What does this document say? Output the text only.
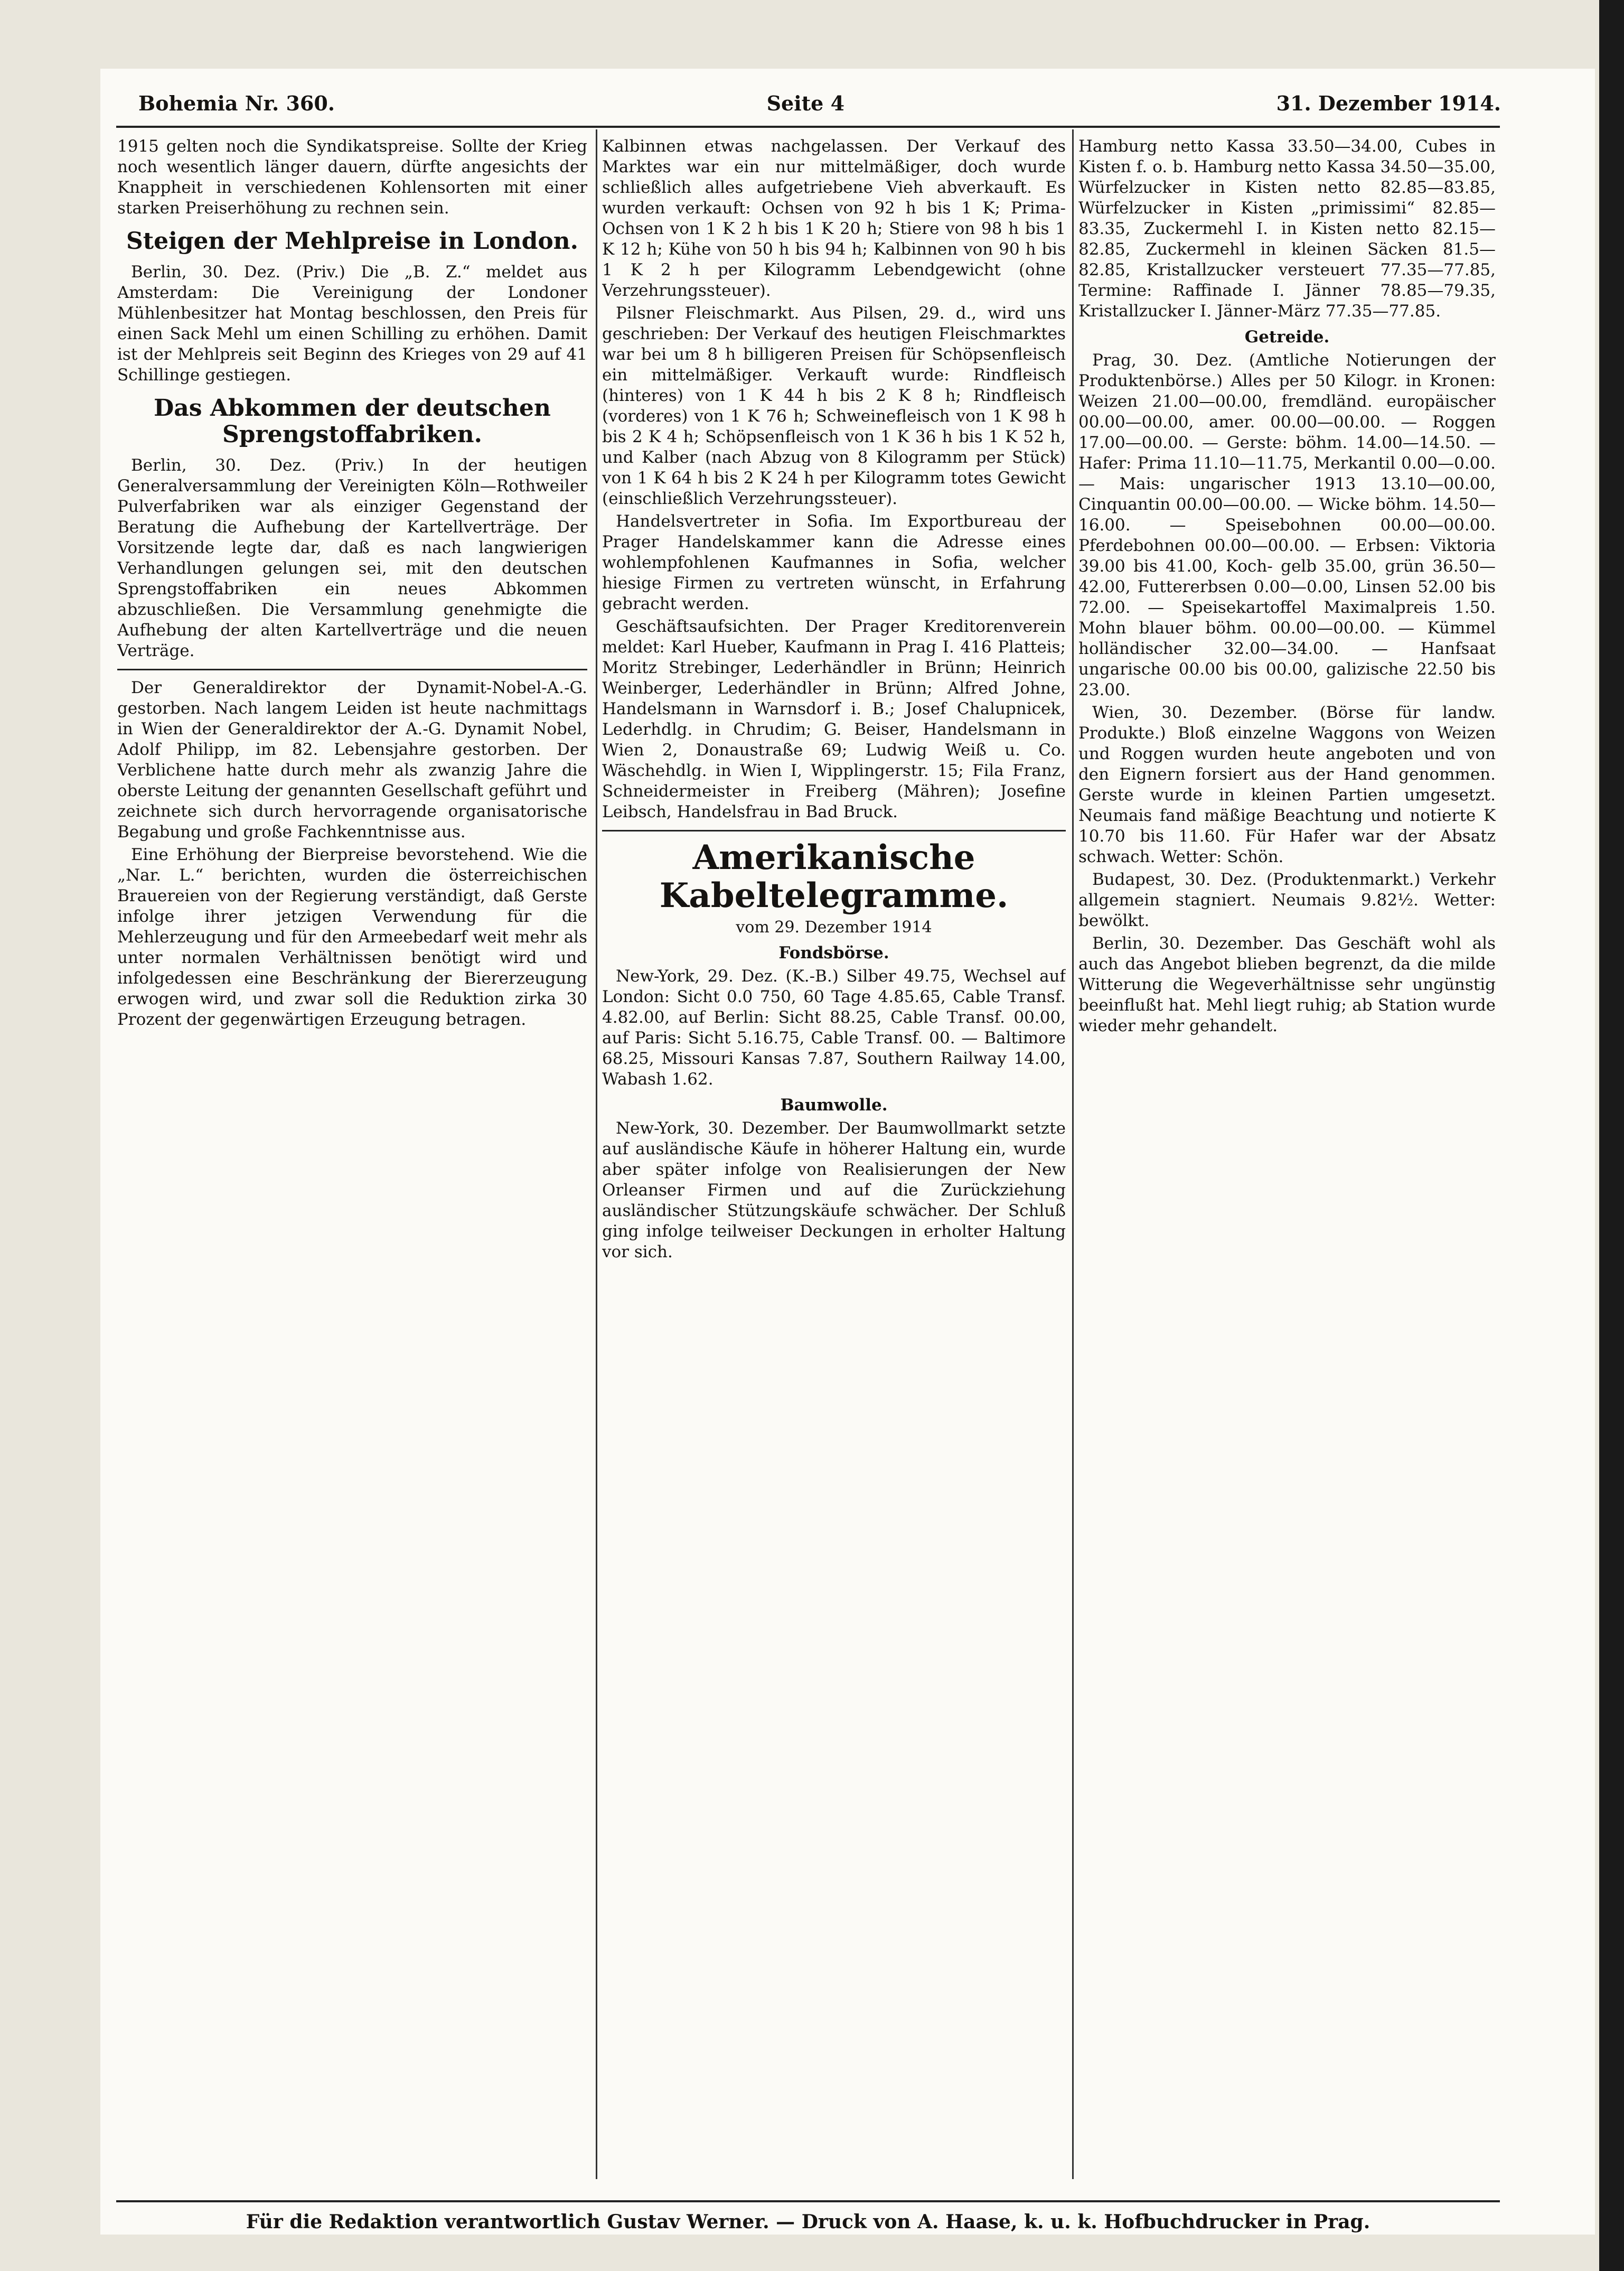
Bohemia Nr. 360.	Seite 4	31. Dezember 1914.

1915 gelten noch die Syndikatspreise. Sollte der Krieg noch wesentlich länger dauern, dürfte angesichts der Knappheit in verschiedenen Kohlensorten mit einer starken Preiserhöhung zu rechnen sein.

Steigen der Mehlpreise in London.

Berlin, 30. Dez. (Priv.) Die „B. Z.“ meldet aus Amsterdam: Die Vereinigung der Londoner Mühlenbesitzer hat Montag beschlossen, den Preis für einen Sack Mehl um einen Schilling zu erhöhen. Damit ist der Mehlpreis seit Beginn des Krieges von 29 auf 41 Schillinge gestiegen.

Das Abkommen der deutschen Sprengstoffabriken.

Berlin, 30. Dez. (Priv.) In der heutigen Generalversammlung der Vereinigten Köln—Rothweiler Pulverfabriken war als einziger Gegenstand der Beratung die Aufhebung der Kartellverträge. Der Vorsitzende legte dar, daß es nach langwierigen Verhandlungen gelungen sei, mit den deutschen Sprengstoffabriken ein neues Abkommen abzuschließen. Die Versammlung genehmigte die Aufhebung der alten Kartellverträge und die neuen Verträge.

Der Generaldirektor der Dynamit-Nobel-A.-G. gestorben. Nach langem Leiden ist heute nachmittags in Wien der Generaldirektor der A.-G. Dynamit Nobel, Adolf Philipp, im 82. Lebensjahre gestorben. Der Verblichene hatte durch mehr als zwanzig Jahre die oberste Leitung der genannten Gesellschaft geführt und zeichnete sich durch hervorragende organisatorische Begabung und große Fachkenntnisse aus.

Eine Erhöhung der Bierpreise bevorstehend. Wie die „Nar. L.“ berichten, wurden die österreichischen Brauereien von der Regierung verständigt, daß Gerste infolge ihrer jetzigen Verwendung für die Mehlerzeugung und für den Armeebedarf weit mehr als unter normalen Verhältnissen benötigt wird und infolgedessen eine Beschränkung der Biererzeugung erwogen wird, und zwar soll die Reduktion zirka 30 Prozent der gegenwärtigen Erzeugung betragen.

Kalbinnen etwas nachgelassen. Der Verkauf des Marktes war ein nur mittelmäßiger, doch wurde schließlich alles aufgetriebene Vieh abverkauft. Es wurden verkauft: Ochsen von 92 h bis 1 K; Prima-Ochsen von 1 K 2 h bis 1 K 20 h; Stiere von 98 h bis 1 K 12 h; Kühe von 50 h bis 94 h; Kalbinnen von 90 h bis 1 K 2 h per Kilogramm Lebendgewicht (ohne Verzehrungssteuer).

Pilsner Fleischmarkt. Aus Pilsen, 29. d., wird uns geschrieben: Der Verkauf des heutigen Fleischmarktes war bei um 8 h billigeren Preisen für Schöpsenfleisch ein mittelmäßiger. Verkauft wurde: Rindfleisch (hinteres) von 1 K 44 h bis 2 K 8 h; Rindfleisch (vorderes) von 1 K 76 h; Schweinefleisch von 1 K 98 h bis 2 K 4 h; Schöpsenfleisch von 1 K 36 h bis 1 K 52 h, und Kalber (nach Abzug von 8 Kilogramm per Stück) von 1 K 64 h bis 2 K 24 h per Kilogramm totes Gewicht (einschließlich Verzehrungssteuer).

Handelsvertreter in Sofia. Im Exportbureau der Prager Handelskammer kann die Adresse eines wohlempfohlenen Kaufmannes in Sofia, welcher hiesige Firmen zu vertreten wünscht, in Erfahrung gebracht werden.

Geschäftsaufsichten. Der Prager Kreditorenverein meldet: Karl Hueber, Kaufmann in Prag I. 416 Platteis; Moritz Strebinger, Lederhändler in Brünn; Heinrich Weinberger, Lederhändler in Brünn; Alfred Johne, Handelsmann in Warnsdorf i. B.; Josef Chalupnicek, Lederhdlg. in Chrudim; G. Beiser, Handelsmann in Wien 2, Donaustraße 69; Ludwig Weiß u. Co. Wäschehdlg. in Wien I, Wipplingerstr. 15; Fila Franz, Schneidermeister in Freiberg (Mähren); Josefine Leibsch, Handelsfrau in Bad Bruck.

Amerikanische Kabeltelegramme.
vom 29. Dezember 1914
Fondsbörse.

New-York, 29. Dez. (K.-B.) Silber 49.75, Wechsel auf London: Sicht 0.0 750, 60 Tage 4.85.65, Cable Transf. 4.82.00, auf Berlin: Sicht 88.25, Cable Transf. 00.00, auf Paris: Sicht 5.16.75, Cable Transf. 00. — Baltimore 68.25, Missouri Kansas 7.87, Southern Railway 14.00, Wabash 1.62.

Baumwolle.

New-York, 30. Dezember. Der Baumwollmarkt setzte auf ausländische Käufe in höherer Haltung ein, wurde aber später infolge von Realisierungen der New Orleanser Firmen und auf die Zurückziehung ausländischer Stützungskäufe schwächer. Der Schluß ging infolge teilweiser Deckungen in erholter Haltung vor sich.

Hamburg netto Kassa 33.50—34.00, Cubes in Kisten f. o. b. Hamburg netto Kassa 34.50—35.00, Würfelzucker in Kisten netto 82.85—83.85, Würfelzucker in Kisten „primissimi“ 82.85—83.35, Zuckermehl I. in Kisten netto 82.15—82.85, Zuckermehl in kleinen Säcken 81.5—82.85, Kristallzucker versteuert 77.35—77.85, Termine: Raffinade I. Jänner 78.85—79.35, Kristallzucker I. Jänner-März 77.35—77.85.

Getreide.

Prag, 30. Dez. (Amtliche Notierungen der Produktenbörse.) Alles per 50 Kilogr. in Kronen: Weizen 21.00—00.00, fremdländ. europäischer 00.00—00.00, amer. 00.00—00.00. — Roggen 17.00—00.00. — Gerste: böhm. 14.00—14.50. — Hafer: Prima 11.10—11.75, Merkantil 0.00—0.00. — Mais: ungarischer 1913 13.10—00.00, Cinquantin 00.00—00.00. — Wicke böhm. 14.50—16.00. — Speisebohnen 00.00—00.00. Pferdebohnen 00.00—00.00. — Erbsen: Viktoria 39.00 bis 41.00, Koch- gelb 35.00, grün 36.50—42.00, Futtererbsen 0.00—0.00, Linsen 52.00 bis 72.00. — Speisekartoffel Maximalpreis 1.50. Mohn blauer böhm. 00.00—00.00. — Kümmel holländischer 32.00—34.00. — Hanfsaat ungarische 00.00 bis 00.00, galizische 22.50 bis 23.00.

Wien, 30. Dezember. (Börse für landw. Produkte.) Bloß einzelne Waggons von Weizen und Roggen wurden heute angeboten und von den Eignern forsiert aus der Hand genommen. Gerste wurde in kleinen Partien umgesetzt. Neumais fand mäßige Beachtung und notierte K 10.70 bis 11.60. Für Hafer war der Absatz schwach. Wetter: Schön.

Budapest, 30. Dez. (Produktenmarkt.) Verkehr allgemein stagniert. Neumais 9.82½. Wetter: bewölkt.

Berlin, 30. Dezember. Das Geschäft wohl als auch das Angebot blieben begrenzt, da die milde Witterung die Wegeverhältnisse sehr ungünstig beeinflußt hat. Mehl liegt ruhig; ab Station wurde wieder mehr gehandelt.

Für die Redaktion verantwortlich Gustav Werner. — Druck von A. Haase, k. u. k. Hofbuchdrucker in Prag.
